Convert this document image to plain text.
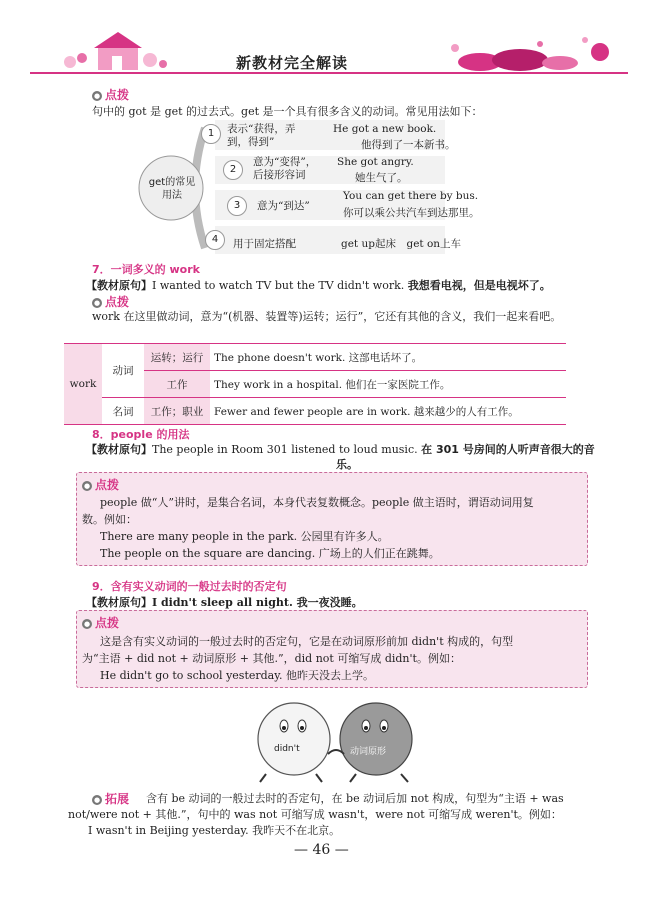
新教材完全解读
● 点拨
句中的 got 是 get 的过去式。get 是一个具有很多含义的动词。常见用法如下：
get的常见用法
1	表示“获得，弄到，得到”
He got a new book.
他得到了一本新书。
2
意为“变得”，后接形容词
She got angry.
她生气了。
3	意为“到达”
You can get there by bus.
你可以乘公共汽车到达那里。
4	用于固定搭配	get up起床　get on上车
7．一词多义的 work
【教材原句】I wanted to watch TV but the TV didn't work. 我想看电视，但是电视坏了。
● 点拨
work 在这里做动词，意为“(机器、装置等)运转；运行”，它还有其他的含义，我们一起来看吧。
work	动词	运转；运行	The phone doesn't work. 这部电话坏了。
		工作	They work in a hospital. 他们在一家医院工作。
	名词	工作；职业	Fewer and fewer people are in work. 越来越少的人有工作。
8．people 的用法
【教材原句】The people in Room 301 listened to loud music. 在 301 号房间的人听声音很大的音
乐。
● 点拨
people 做“人”讲时，是集合名词，本身代表复数概念。people 做主语时，谓语动词用复
数。例如：
There are many people in the park. 公园里有许多人。
The people on the square are dancing. 广场上的人们正在跳舞。
9．含有实义动词的一般过去时的否定句
【教材原句】I didn't sleep all night. 我一夜没睡。
● 点拨
这是含有实义动词的一般过去时的否定句，它是在动词原形前加 didn't 构成的，句型
为“主语 + did not + 动词原形 + 其他.”，did not 可缩写成 didn't。例如：
He didn't go to school yesterday. 他昨天没去上学。
didn't	动词原形
● 拓展 含有 be 动词的一般过去时的否定句，在 be 动词后加 not 构成，句型为“主语 + was
not/were not + 其他.”，句中的 was not 可缩写成 wasn't，were not 可缩写成 weren't。例如：
I wasn't in Beijing yesterday. 我昨天不在北京。
— 46 —
